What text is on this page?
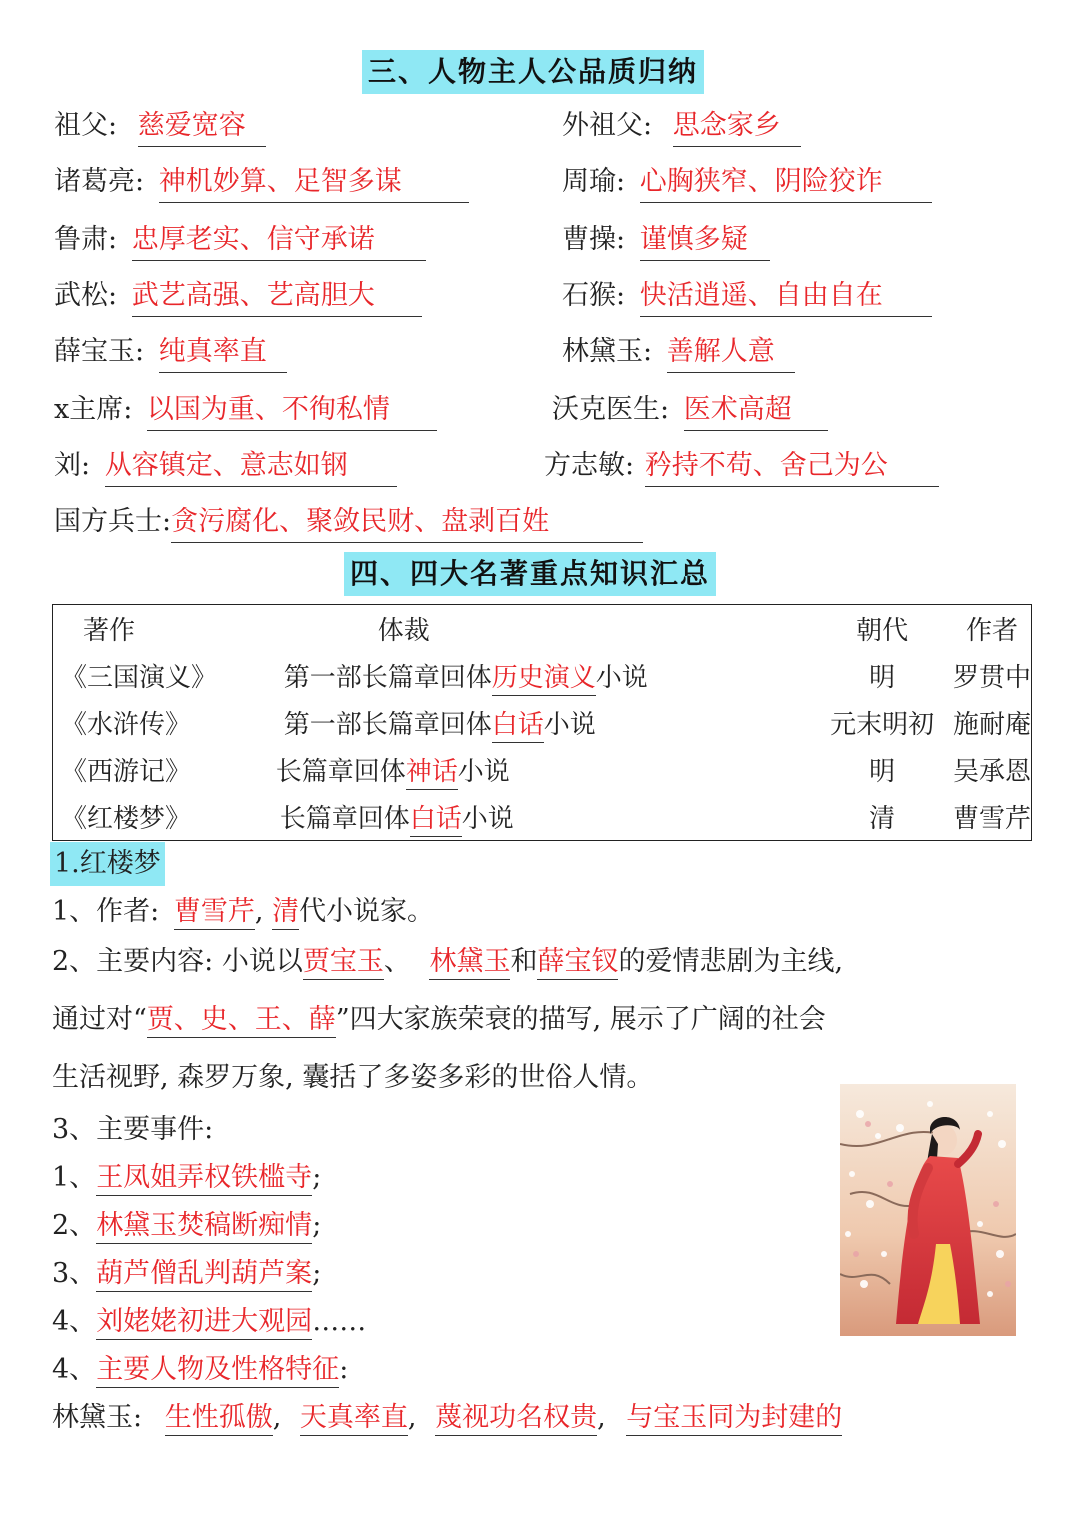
三、人物主人公品质归纳
祖父: 慈爱宽容	外祖父: 思念家乡
诸葛亮: 神机妙算、足智多谋	周瑜: 心胸狭窄、阴险狡诈
鲁肃: 忠厚老实、信守承诺	曹操: 谨慎多疑
武松: 武艺高强、艺高胆大	石猴: 快活逍遥、自由自在
薛宝玉: 纯真率直	林黛玉: 善解人意
x主席: 以国为重、不徇私情	沃克医生: 医术高超
刘: 从容镇定、意志如钢	方志敏: 矜持不苟、舍己为公
国方兵士:贪污腐化、聚敛民财、盘剥百姓
四、四大名著重点知识汇总
著作	体裁	朝代	作者
《三国演义》	第一部长篇章回体历史演义小说	明	罗贯中
《水浒传》	第一部长篇章回体白话小说	元末明初	施耐庵
《西游记》	长篇章回体神话小说	明	吴承恩
《红楼梦》	长篇章回体白话小说	清	曹雪芹
1.红楼梦
1、作者: 曹雪芹, 清代小说家。
2、主要内容: 小说以贾宝玉、 林黛玉和薛宝钗的爱情悲剧为主线,
通过对“贾、史、王、薛”四大家族荣衰的描写, 展示了广阔的社会
生活视野, 森罗万象, 囊括了多姿多彩的世俗人情。
3、主要事件:
1、王凤姐弄权铁槛寺;
2、林黛玉焚稿断痴情;
3、葫芦僧乱判葫芦案;
4、刘姥姥初进大观园……
4、主要人物及性格特征:
林黛玉: 生性孤傲, 天真率直, 蔑视功名权贵, 与宝玉同为封建的
